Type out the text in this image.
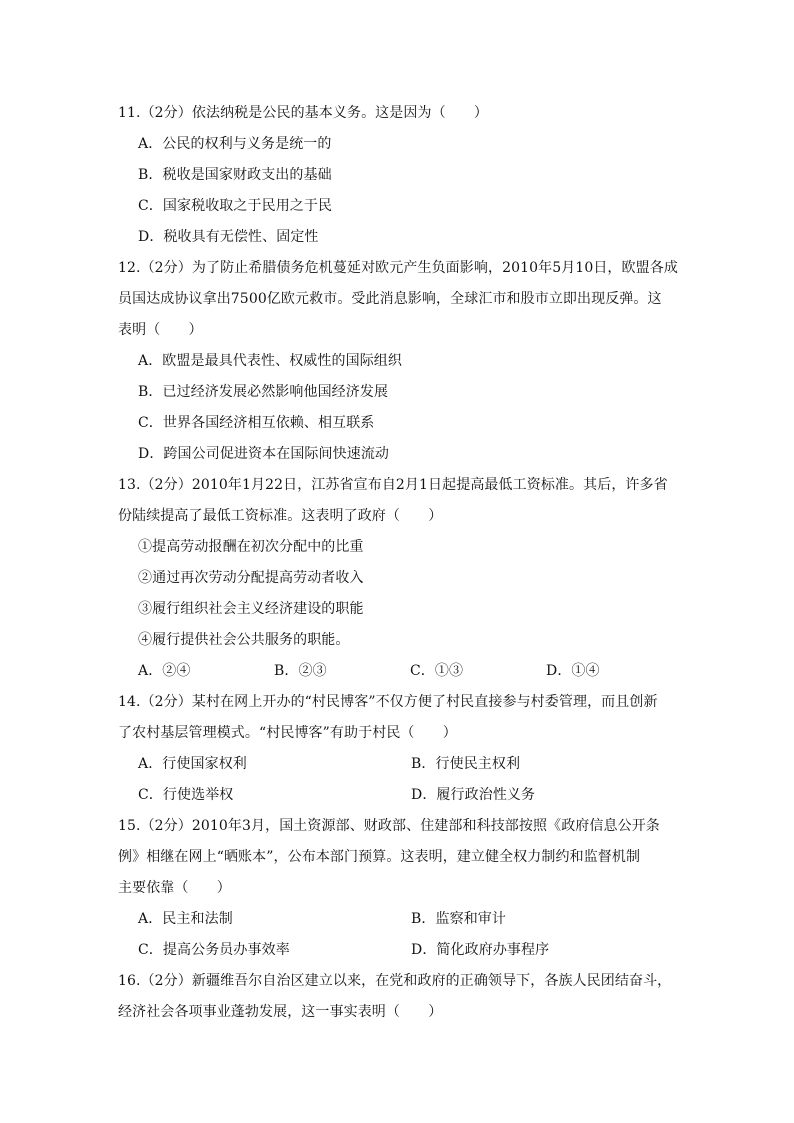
11.（2分）依法纳税是公民的基本义务。这是因为（　　）
A．公民的权利与义务是统一的
B．税收是国家财政支出的基础
C．国家税收取之于民用之于民
D．税收具有无偿性、固定性
12.（2分）为了防止希腊债务危机蔓延对欧元产生负面影响，2010年5月10日，欧盟各成
员国达成协议拿出7500亿欧元救市。受此消息影响，全球汇市和股市立即出现反弹。这
表明（　　）
A．欧盟是最具代表性、权威性的国际组织
B．已过经济发展必然影响他国经济发展
C．世界各国经济相互依赖、相互联系
D．跨国公司促进资本在国际间快速流动
13.（2分）2010年1月22日，江苏省宣布自2月1日起提高最低工资标准。其后，许多省
份陆续提高了最低工资标准。这表明了政府（　　）
①提高劳动报酬在初次分配中的比重
②通过再次劳动分配提高劳动者收入
③履行组织社会主义经济建设的职能
④履行提供社会公共服务的职能。
A．②④	B．②③	C．①③	D．①④
14.（2分）某村在网上开办的“村民博客”不仅方便了村民直接参与村委管理，而且创新
了农村基层管理模式。“村民博客”有助于村民（　　）
A．行使国家权利	B．行使民主权利
C．行使选举权	D．履行政治性义务
15.（2分）2010年3月，国土资源部、财政部、住建部和科技部按照《政府信息公开条
例》相继在网上“晒账本”，公布本部门预算。这表明，建立健全权力制约和监督机制
主要依靠（　　）
A．民主和法制	B．监察和审计
C．提高公务员办事效率	D．简化政府办事程序
16.（2分）新疆维吾尔自治区建立以来，在党和政府的正确领导下，各族人民团结奋斗，
经济社会各项事业蓬勃发展，这一事实表明（　　）
